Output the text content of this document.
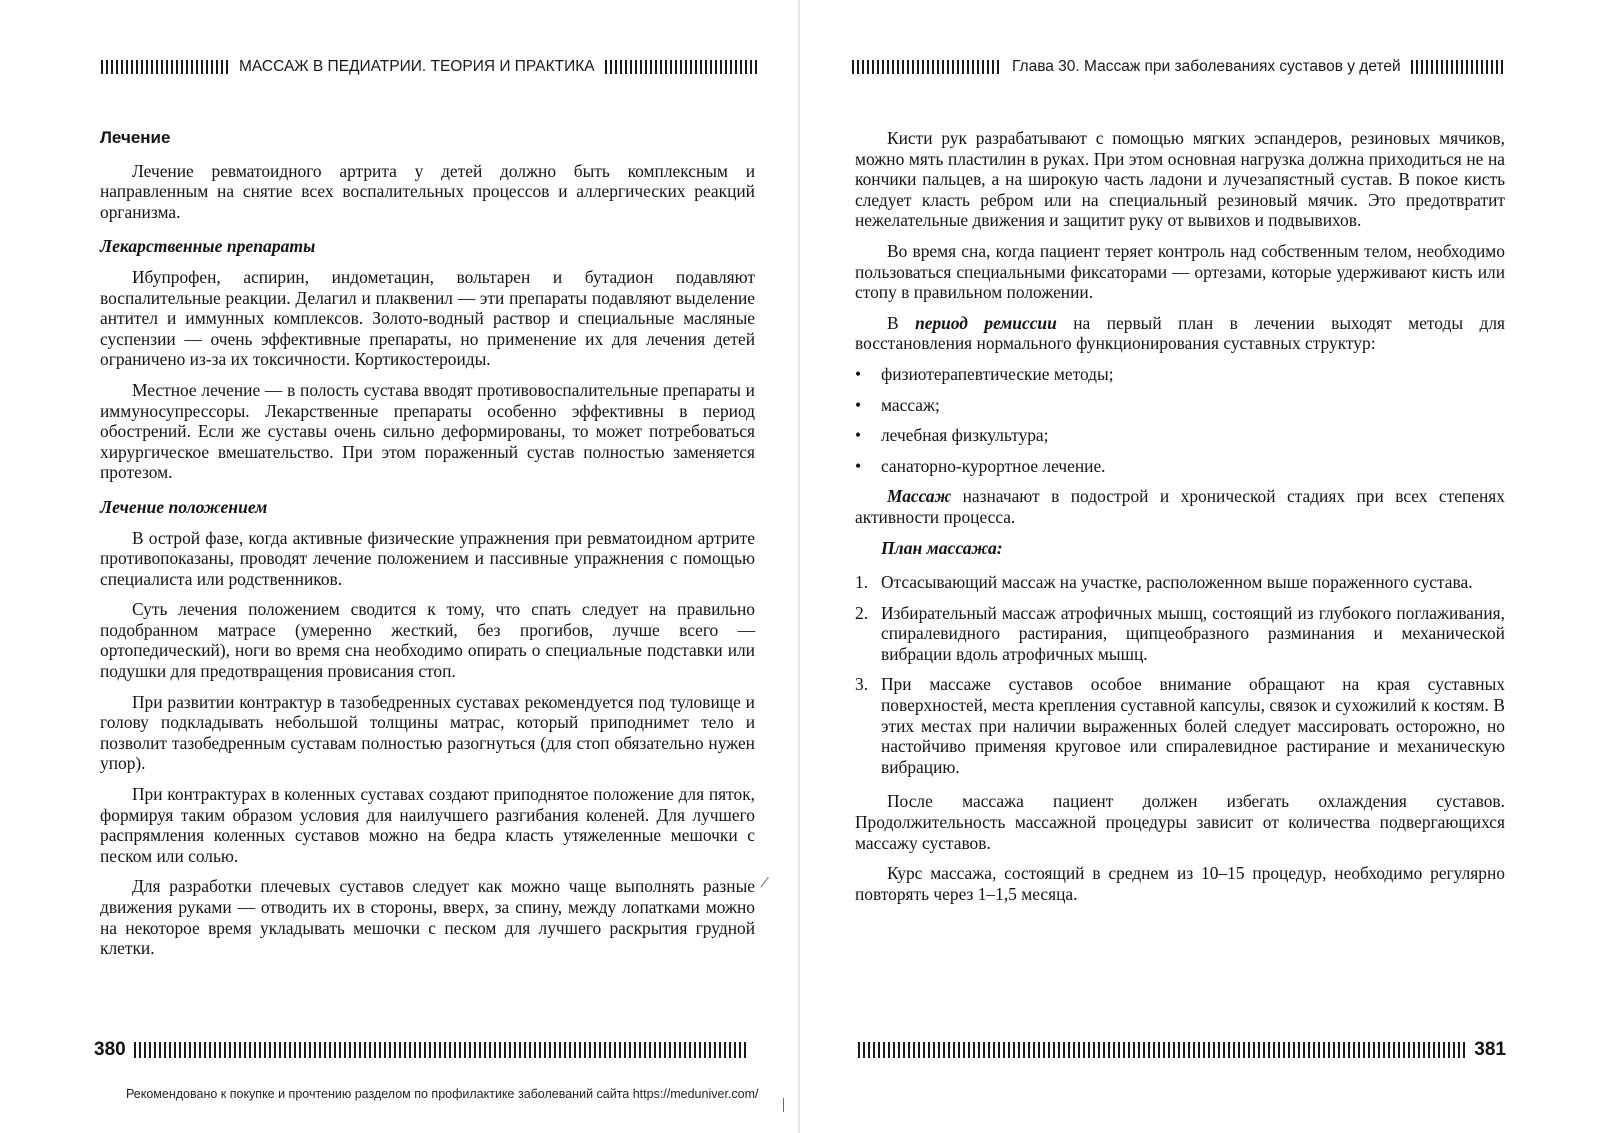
МАССАЖ В ПЕДИАТРИИ. ТЕОРИЯ И ПРАКТИКА
Лечение

Лечение ревматоидного артрита у детей должно быть комплексным и направленным на снятие всех воспалительных процессов и аллергических реакций организма.

Лекарственные препараты

Ибупрофен, аспирин, индометацин, вольтарен и бутадион подавляют воспалительные реакции. Делагил и плаквенил — эти препараты подавляют выделение антител и иммунных комплексов. Золото-водный раствор и специальные масляные суспензии — очень эффективные препараты, но применение их для лечения детей ограничено из-за их токсичности. Кортикостероиды.

Местное лечение — в полость сустава вводят противовоспалительные препараты и иммуносупрессоры. Лекарственные препараты особенно эффективны в период обострений. Если же суставы очень сильно деформированы, то может потребоваться хирургическое вмешательство. При этом пораженный сустав полностью заменяется протезом.

Лечение положением

В острой фазе, когда активные физические упражнения при ревматоидном артрите противопоказаны, проводят лечение положением и пассивные упражнения с помощью специалиста или родственников.

Суть лечения положением сводится к тому, что спать следует на правильно подобранном матрасе (умеренно жесткий, без прогибов, лучше всего — ортопедический), ноги во время сна необходимо опирать о специальные подставки или подушки для предотвращения провисания стоп.

При развитии контрактур в тазобедренных суставах рекомендуется под туловище и голову подкладывать небольшой толщины матрас, который приподнимет тело и позволит тазобедренным суставам полностью разогнуться (для стоп обязательно нужен упор).

При контрактурах в коленных суставах создают приподнятое положение для пяток, формируя таким образом условия для наилучшего разгибания коленей. Для лучшего распрямления коленных суставов можно на бедра класть утяжеленные мешочки с песком или солью.

Для разработки плечевых суставов следует как можно чаще выполнять разные движения руками — отводить их в стороны, вверх, за спину, между лопатками можно на некоторое время укладывать мешочки с песком для лучшего раскрытия грудной клетки.

380
/
Глава 30. Массаж при заболеваниях суставов у детей

Кисти рук разрабатывают с помощью мягких эспандеров, резиновых мячиков, можно мять пластилин в руках. При этом основная нагрузка должна приходиться не на кончики пальцев, а на широкую часть ладони и лучезапястный сустав. В покое кисть следует класть ребром или на специальный резиновый мячик. Это предотвратит нежелательные движения и защитит руку от вывихов и подвывихов.

Во время сна, когда пациент теряет контроль над собственным телом, необходимо пользоваться специальными фиксаторами — ортезами, которые удерживают кисть или стопу в правильном положении.

В период ремиссии на первый план в лечении выходят методы для восстановления нормального функционирования суставных структур:

• физиотерапевтические методы;
• массаж;
• лечебная физкультура;
• санаторно-курортное лечение.

Массаж назначают в подострой и хронической стадиях при всех степенях активности процесса.

План массажа:
1. Отсасывающий массаж на участке, расположенном выше пораженного сустава.
2. Избирательный массаж атрофичных мышц, состоящий из глубокого поглаживания, спиралевидного растирания, щипцеобразного разминания и механической вибрации вдоль атрофичных мышц.
3. При массаже суставов особое внимание обращают на края суставных поверхностей, места крепления суставной капсулы, связок и сухожилий к костям. В этих местах при наличии выраженных болей следует массировать осторожно, но настойчиво применяя круговое или спиралевидное растирание и механическую вибрацию.

После массажа пациент должен избегать охлаждения суставов. Продолжительность массажной процедуры зависит от количества подвергающихся массажу суставов.

Курс массажа, состоящий в среднем из 10–15 процедур, необходимо регулярно повторять через 1–1,5 месяца.

381
Рекомендовано к покупке и прочтению разделом по профилактике заболеваний сайта https://meduniver.com/
